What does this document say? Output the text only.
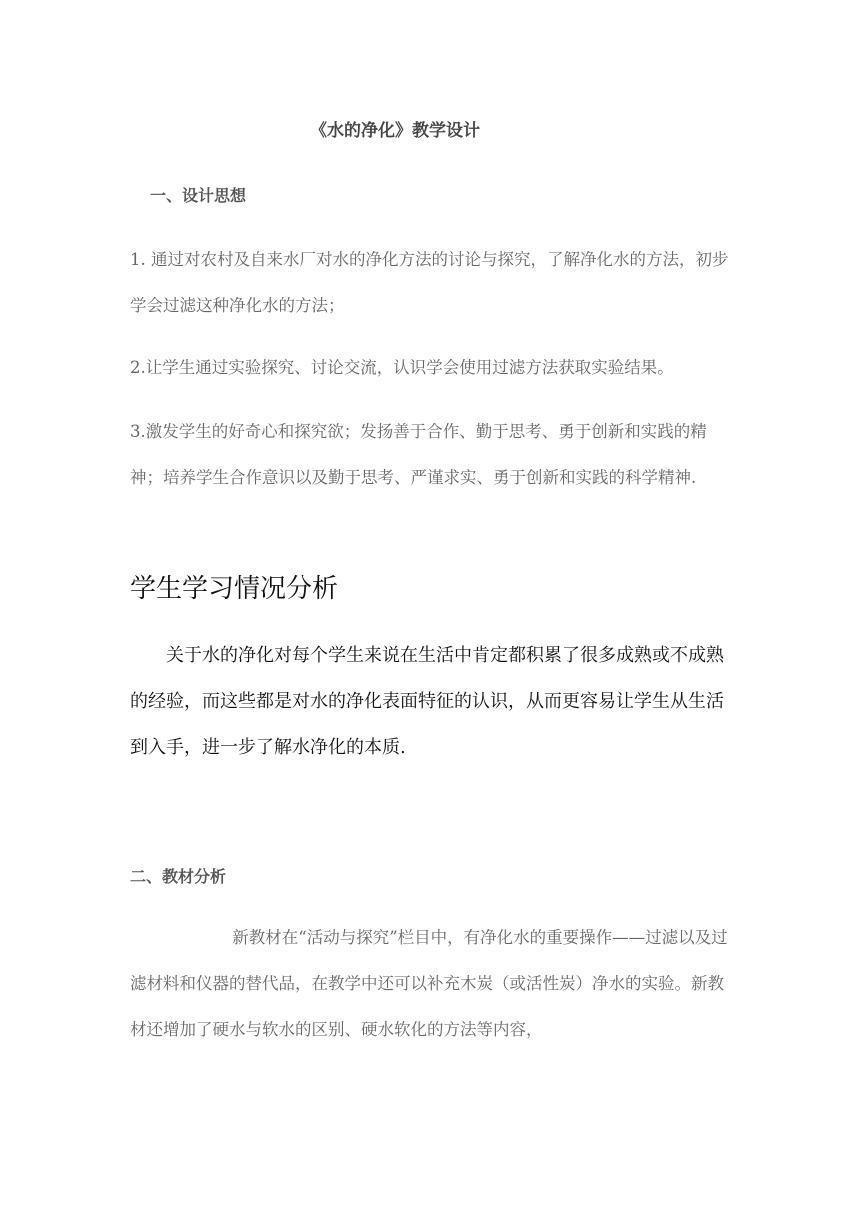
《水的净化》教学设计
一、设计思想

1. 通过对农村及自来水厂对水的净化方法的讨论与探究，了解净化水的方法，初步学会过滤这种净化水的方法；

2.让学生通过实验探究、讨论交流，认识学会使用过滤方法获取实验结果。

3.激发学生的好奇心和探究欲；发扬善于合作、勤于思考、勇于创新和实践的精神；培养学生合作意识以及勤于思考、严谨求实、勇于创新和实践的科学精神.

学生学习情况分析

关于水的净化对每个学生来说在生活中肯定都积累了很多成熟或不成熟的经验，而这些都是对水的净化表面特征的认识，从而更容易让学生从生活到入手，进一步了解水净化的本质.

二、教材分析

新教材在“活动与探究”栏目中，有净化水的重要操作——过滤以及过滤材料和仪器的替代品，在教学中还可以补充木炭（或活性炭）净水的实验。新教材还增加了硬水与软水的区别、硬水软化的方法等内容，
